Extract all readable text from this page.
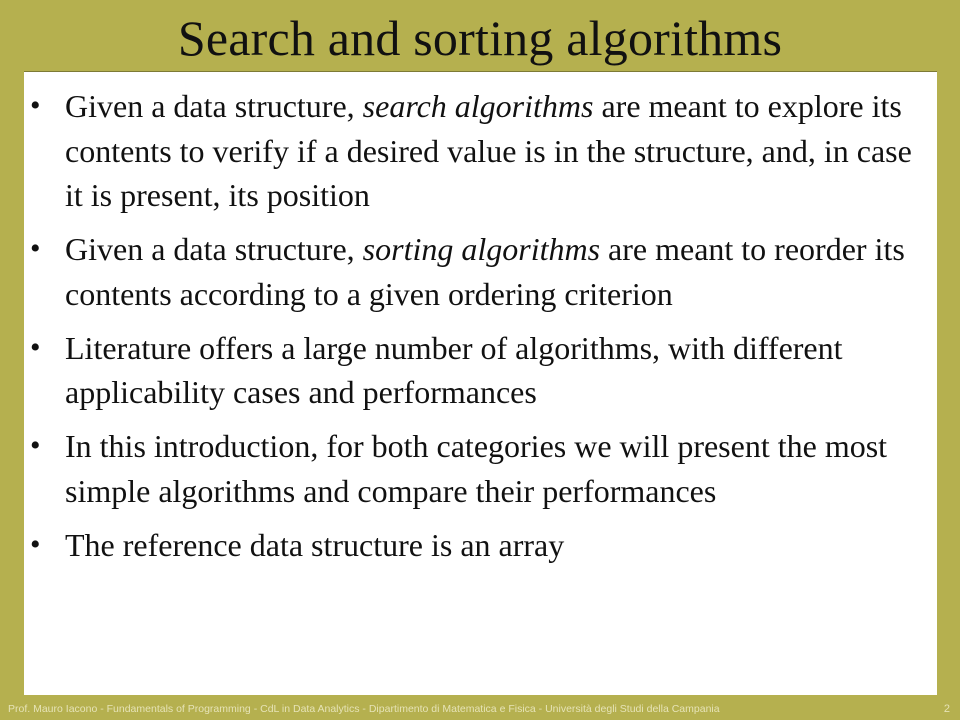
Search and sorting algorithms
• Given a data structure, search algorithms are meant to explore its contents to verify if a desired value is in the structure, and, in case it is present, its position
• Given a data structure, sorting algorithms are meant to reorder its contents according to a given ordering criterion
• Literature offers a large number of algorithms, with different applicability cases and performances
• In this introduction, for both categories we will present the most simple algorithms and compare their performances
• The reference data structure is an array
Prof. Mauro Iacono - Fundamentals of Programming - CdL in Data Analytics - Dipartimento di Matematica e Fisica - Università degli Studi della Campania	2
